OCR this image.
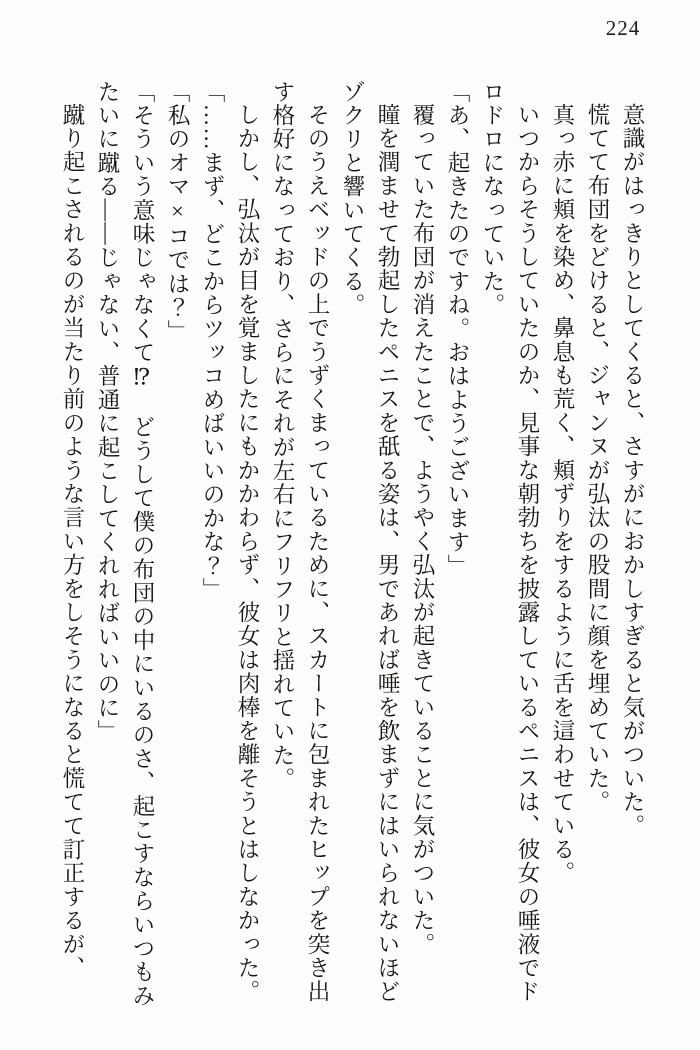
224

意識がはっきりとしてくると、さすがにおかしすぎると気がついた。

慌てて布団をどけると、ジャンヌが弘汰の股間に顔を埋めていた。

真っ赤に頬を染め、鼻息も荒く、頬ずりをするように舌を這わせている。

いつからそうしていたのか、見事な朝勃ちを披露しているペニスは、彼女の唾液でドロドロになっていた。

「あ、起きたのですね。おはようございます」

覆っていた布団が消えたことで、ようやく弘汰が起きていることに気がついた。

瞳を潤ませて勃起したペニスを舐る姿は、男であれば唾を飲まずにはいられないほどゾクリと響いてくる。

そのうえベッドの上でうずくまっているために、スカートに包まれたヒップを突き出す格好になっており、さらにそれが左右にフリフリと揺れていた。

しかし、弘汰が目を覚ましたにもかかわらず、彼女は肉棒を離そうとはしなかった。

「……まず、どこからツッコめばいいのかな？」

「私のオマ×コでは？」

「そういう意味じゃなくて⁉　どうして僕の布団の中にいるのさ、起こすならいつもみたいに蹴る――じゃない、普通に起こしてくれればいいのに」

蹴り起こされるのが当たり前のような言い方をしそうになると慌てて訂正するが、
